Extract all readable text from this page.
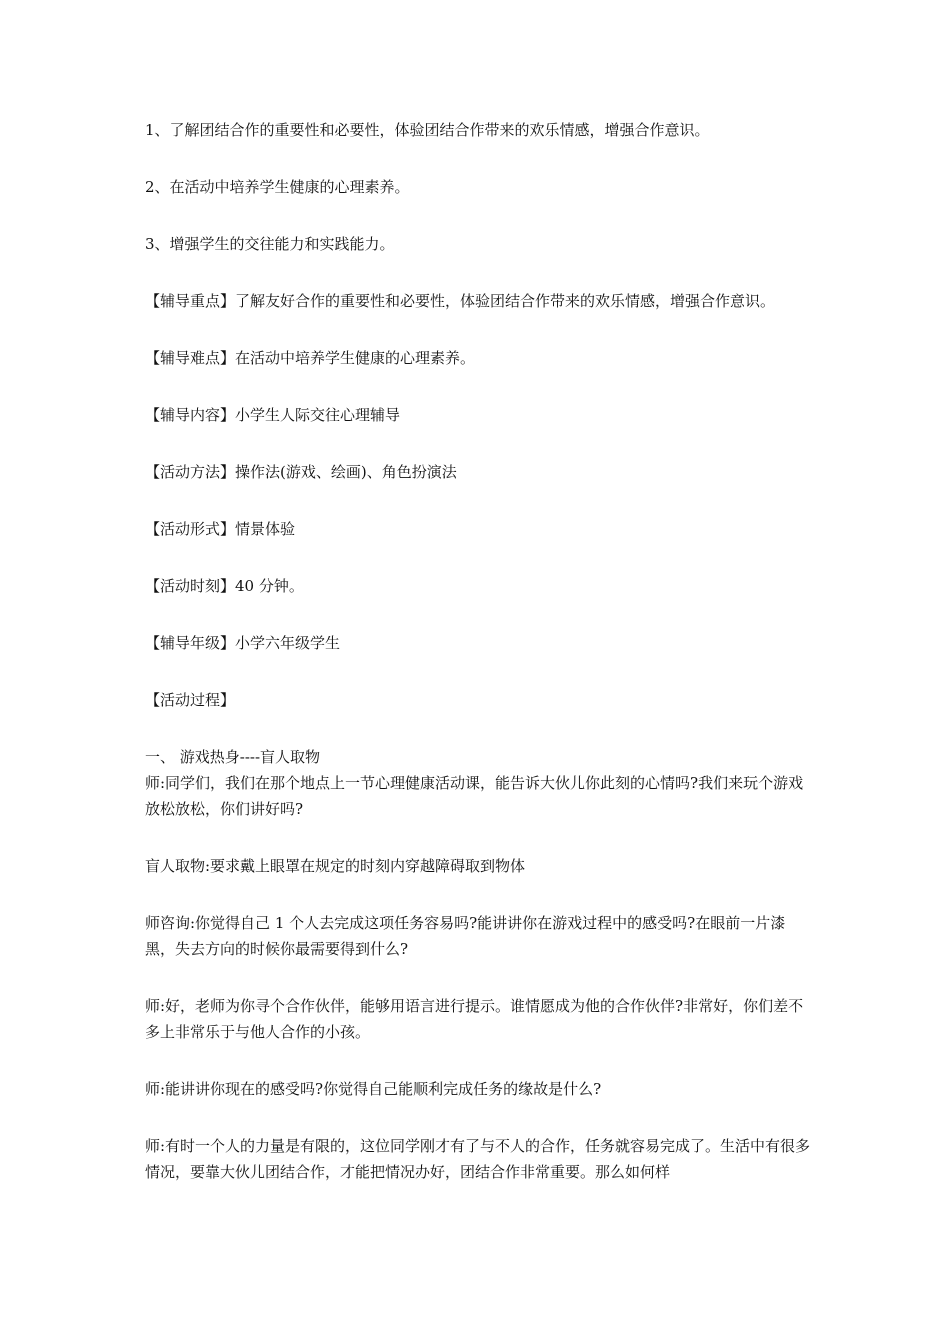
1、了解团结合作的重要性和必要性，体验团结合作带来的欢乐情感，增强合作意识。

2、在活动中培养学生健康的心理素养。

3、增强学生的交往能力和实践能力。

【辅导重点】了解友好合作的重要性和必要性，体验团结合作带来的欢乐情感，增强合作意识。

【辅导难点】在活动中培养学生健康的心理素养。

【辅导内容】小学生人际交往心理辅导

【活动方法】操作法(游戏、绘画)、角色扮演法

【活动形式】情景体验

【活动时刻】40 分钟。

【辅导年级】小学六年级学生

【活动过程】

一、 游戏热身----盲人取物

师:同学们，我们在那个地点上一节心理健康活动课，能告诉大伙儿你此刻的心情吗?我们来玩个游戏放松放松，你们讲好吗?

盲人取物:要求戴上眼罩在规定的时刻内穿越障碍取到物体

师咨询:你觉得自己 1 个人去完成这项任务容易吗?能讲讲你在游戏过程中的感受吗?在眼前一片漆黑，失去方向的时候你最需要得到什么?

师:好，老师为你寻个合作伙伴，能够用语言进行提示。谁情愿成为他的合作伙伴?非常好，你们差不多上非常乐于与他人合作的小孩。

师:能讲讲你现在的感受吗?你觉得自己能顺利完成任务的缘故是什么?

师:有时一个人的力量是有限的，这位同学刚才有了与不人的合作，任务就容易完成了。生活中有很多情况，要靠大伙儿团结合作，才能把情况办好，团结合作非常重要。那么如何样
